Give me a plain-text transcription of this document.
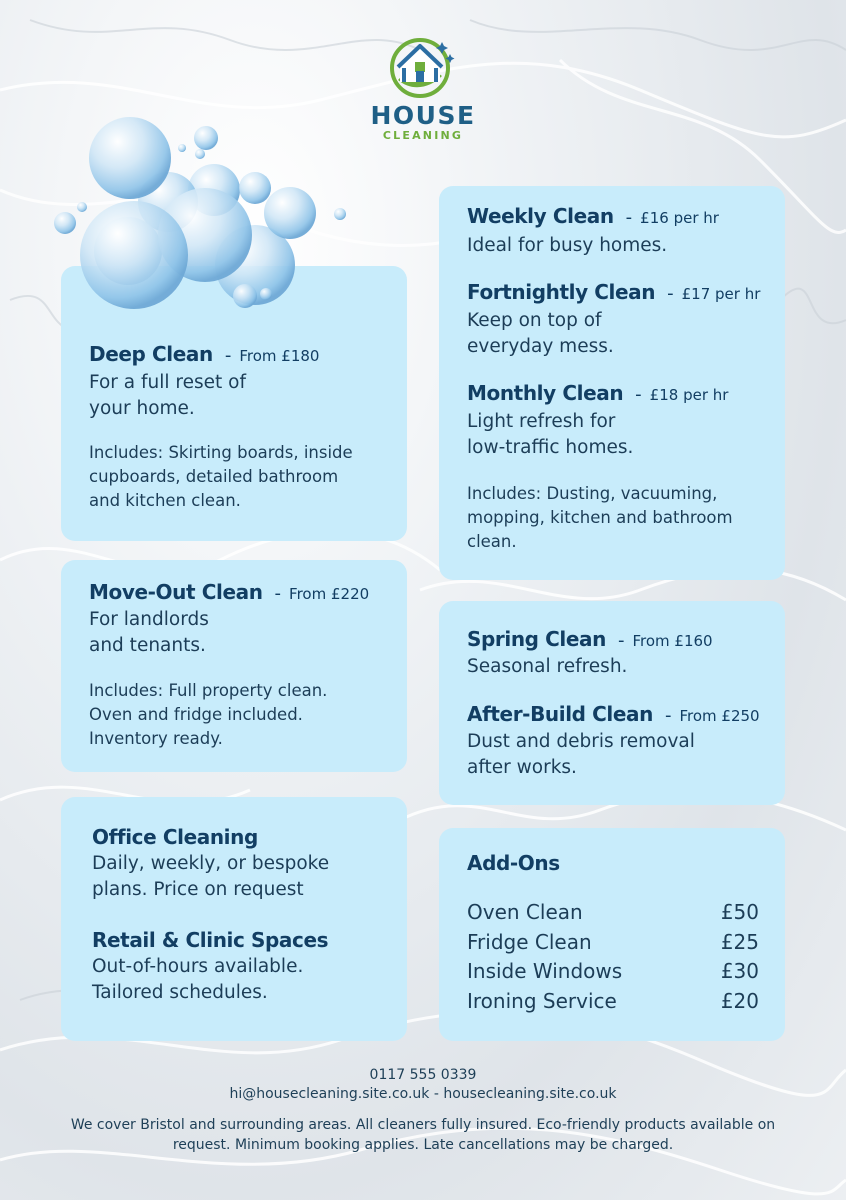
HOUSE
CLEANING
Deep Clean - From £180
For a full reset of
your home.
Includes: Skirting boards, inside
cupboards, detailed bathroom
and kitchen clean.
Move-Out Clean - From £220
For landlords
and tenants.
Includes: Full property clean.
Oven and fridge included.
Inventory ready.
Office Cleaning
Daily, weekly, or bespoke
plans. Price on request
Retail & Clinic Spaces
Out-of-hours available.
Tailored schedules.
Weekly Clean - £16 per hr
Ideal for busy homes.
Fortnightly Clean - £17 per hr
Keep on top of
everyday mess.
Monthly Clean - £18 per hr
Light refresh for
low-traffic homes.
Includes: Dusting, vacuuming,
mopping, kitchen and bathroom
clean.
Spring Clean - From £160
Seasonal refresh.
After-Build Clean - From £250
Dust and debris removal
after works.
Add-Ons
Oven Clean	£50
Fridge Clean	£25
Inside Windows	£30
Ironing Service	£20
0117 555 0339
hi@housecleaning.site.co.uk - housecleaning.site.co.uk
We cover Bristol and surrounding areas. All cleaners fully insured. Eco-friendly products available on request. Minimum booking applies. Late cancellations may be charged.
